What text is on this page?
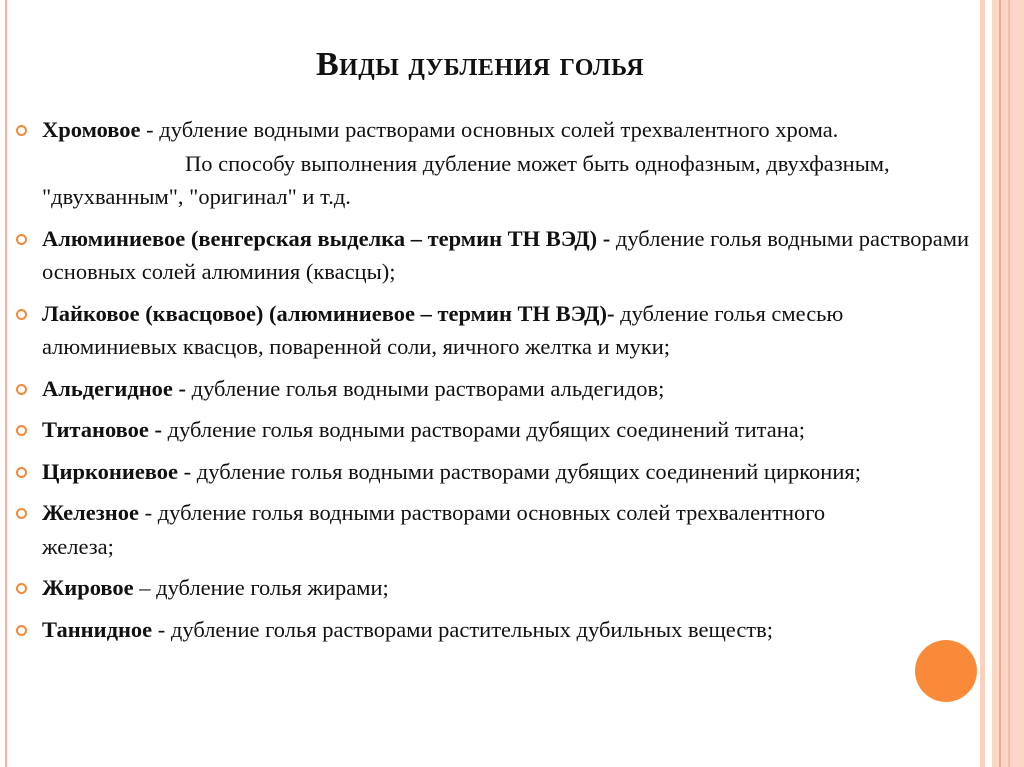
Виды дубления голья
Хромовое - дубление водными растворами основных солей трехвалентного хрома.
По способу выполнения дубление может быть однофазным, двухфазным, "двухванным", "оригинал" и т.д.
Алюминиевое (венгерская выделка – термин ТН ВЭД) - дубление голья водными растворами основных солей алюминия (квасцы);
Лайковое (квасцовое) (алюминиевое – термин ТН ВЭД)- дубление голья смесью алюминиевых квасцов, поваренной соли, яичного желтка и муки;
Альдегидное - дубление голья водными растворами альдегидов;
Титановое - дубление голья водными растворами дубящих соединений титана;
Циркониевое - дубление голья водными растворами дубящих соединений циркония;
Железное - дубление голья водными растворами основных солей трехвалентного железа;
Жировое – дубление голья жирами;
Таннидное - дубление голья растворами растительных дубильных веществ;
